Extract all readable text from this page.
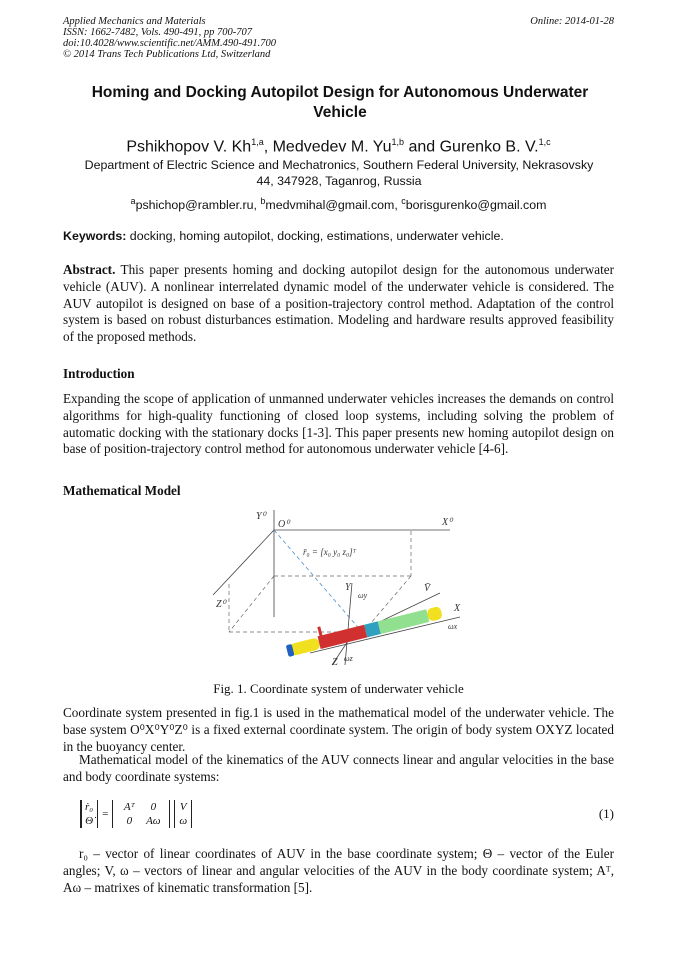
Applied Mechanics and Materials
ISSN: 1662-7482, Vols. 490-491, pp 700-707
doi:10.4028/www.scientific.net/AMM.490-491.700
© 2014 Trans Tech Publications Ltd, Switzerland
Online: 2014-01-28
Homing and Docking Autopilot Design for Autonomous Underwater Vehicle
Pshikhopov V. Kh$^{1,a}$, Medvedev M. Yu$^{1,b}$ and Gurenko B. V.$^{1,c}$
Department of Electric Science and Mechatronics, Southern Federal University, Nekrasovsky 44, 347928, Taganrog, Russia
$^a$pshichop@rambler.ru, $^b$medvmihal@gmail.com, $^c$borisgurenko@gmail.com
Keywords: docking, homing autopilot, docking, estimations, underwater vehicle.
Abstract. This paper presents homing and docking autopilot design for the autonomous underwater vehicle (AUV). A nonlinear interrelated dynamic model of the underwater vehicle is considered. The AUV autopilot is designed on base of a position-trajectory control method. Adaptation of the control system is based on robust disturbances estimation. Modeling and hardware results approved feasibility of the proposed methods.
Introduction
Expanding the scope of application of unmanned underwater vehicles increases the demands on control algorithms for high-quality functioning of closed loop systems, including solving the problem of automatic docking with the stationary docks [1-3]. This paper presents new homing autopilot design on base of position-trajectory control method for autonomous underwater vehicle [4-6].
Mathematical Model
Y⁰
O⁰	X⁰
Z⁰
r̄₀ = [x₀ y₀ z₀]ᵀ
Y
ωy
V̄
X
ωx
Z ωz
Fig. 1. Coordinate system of underwater vehicle
Coordinate system presented in fig.1 is used in the mathematical model of the underwater vehicle. The base system O⁰X⁰Y⁰Z⁰ is a fixed external coordinate system. The origin of body system OXYZ located in the buoyancy center.
Mathematical model of the kinematics of the AUV connects linear and angular velocities in the base and body coordinate systems:
ṙ₀
Θ̇
=
Aᵀ	0
0	Aω
V
ω	(1)
r₀ – vector of linear coordinates of AUV in the base coordinate system; Θ – vector of the Euler angles; V, ω – vectors of linear and angular velocities of the AUV in the body coordinate system; Aᵀ, Aω – matrixes of kinematic transformation [5].
